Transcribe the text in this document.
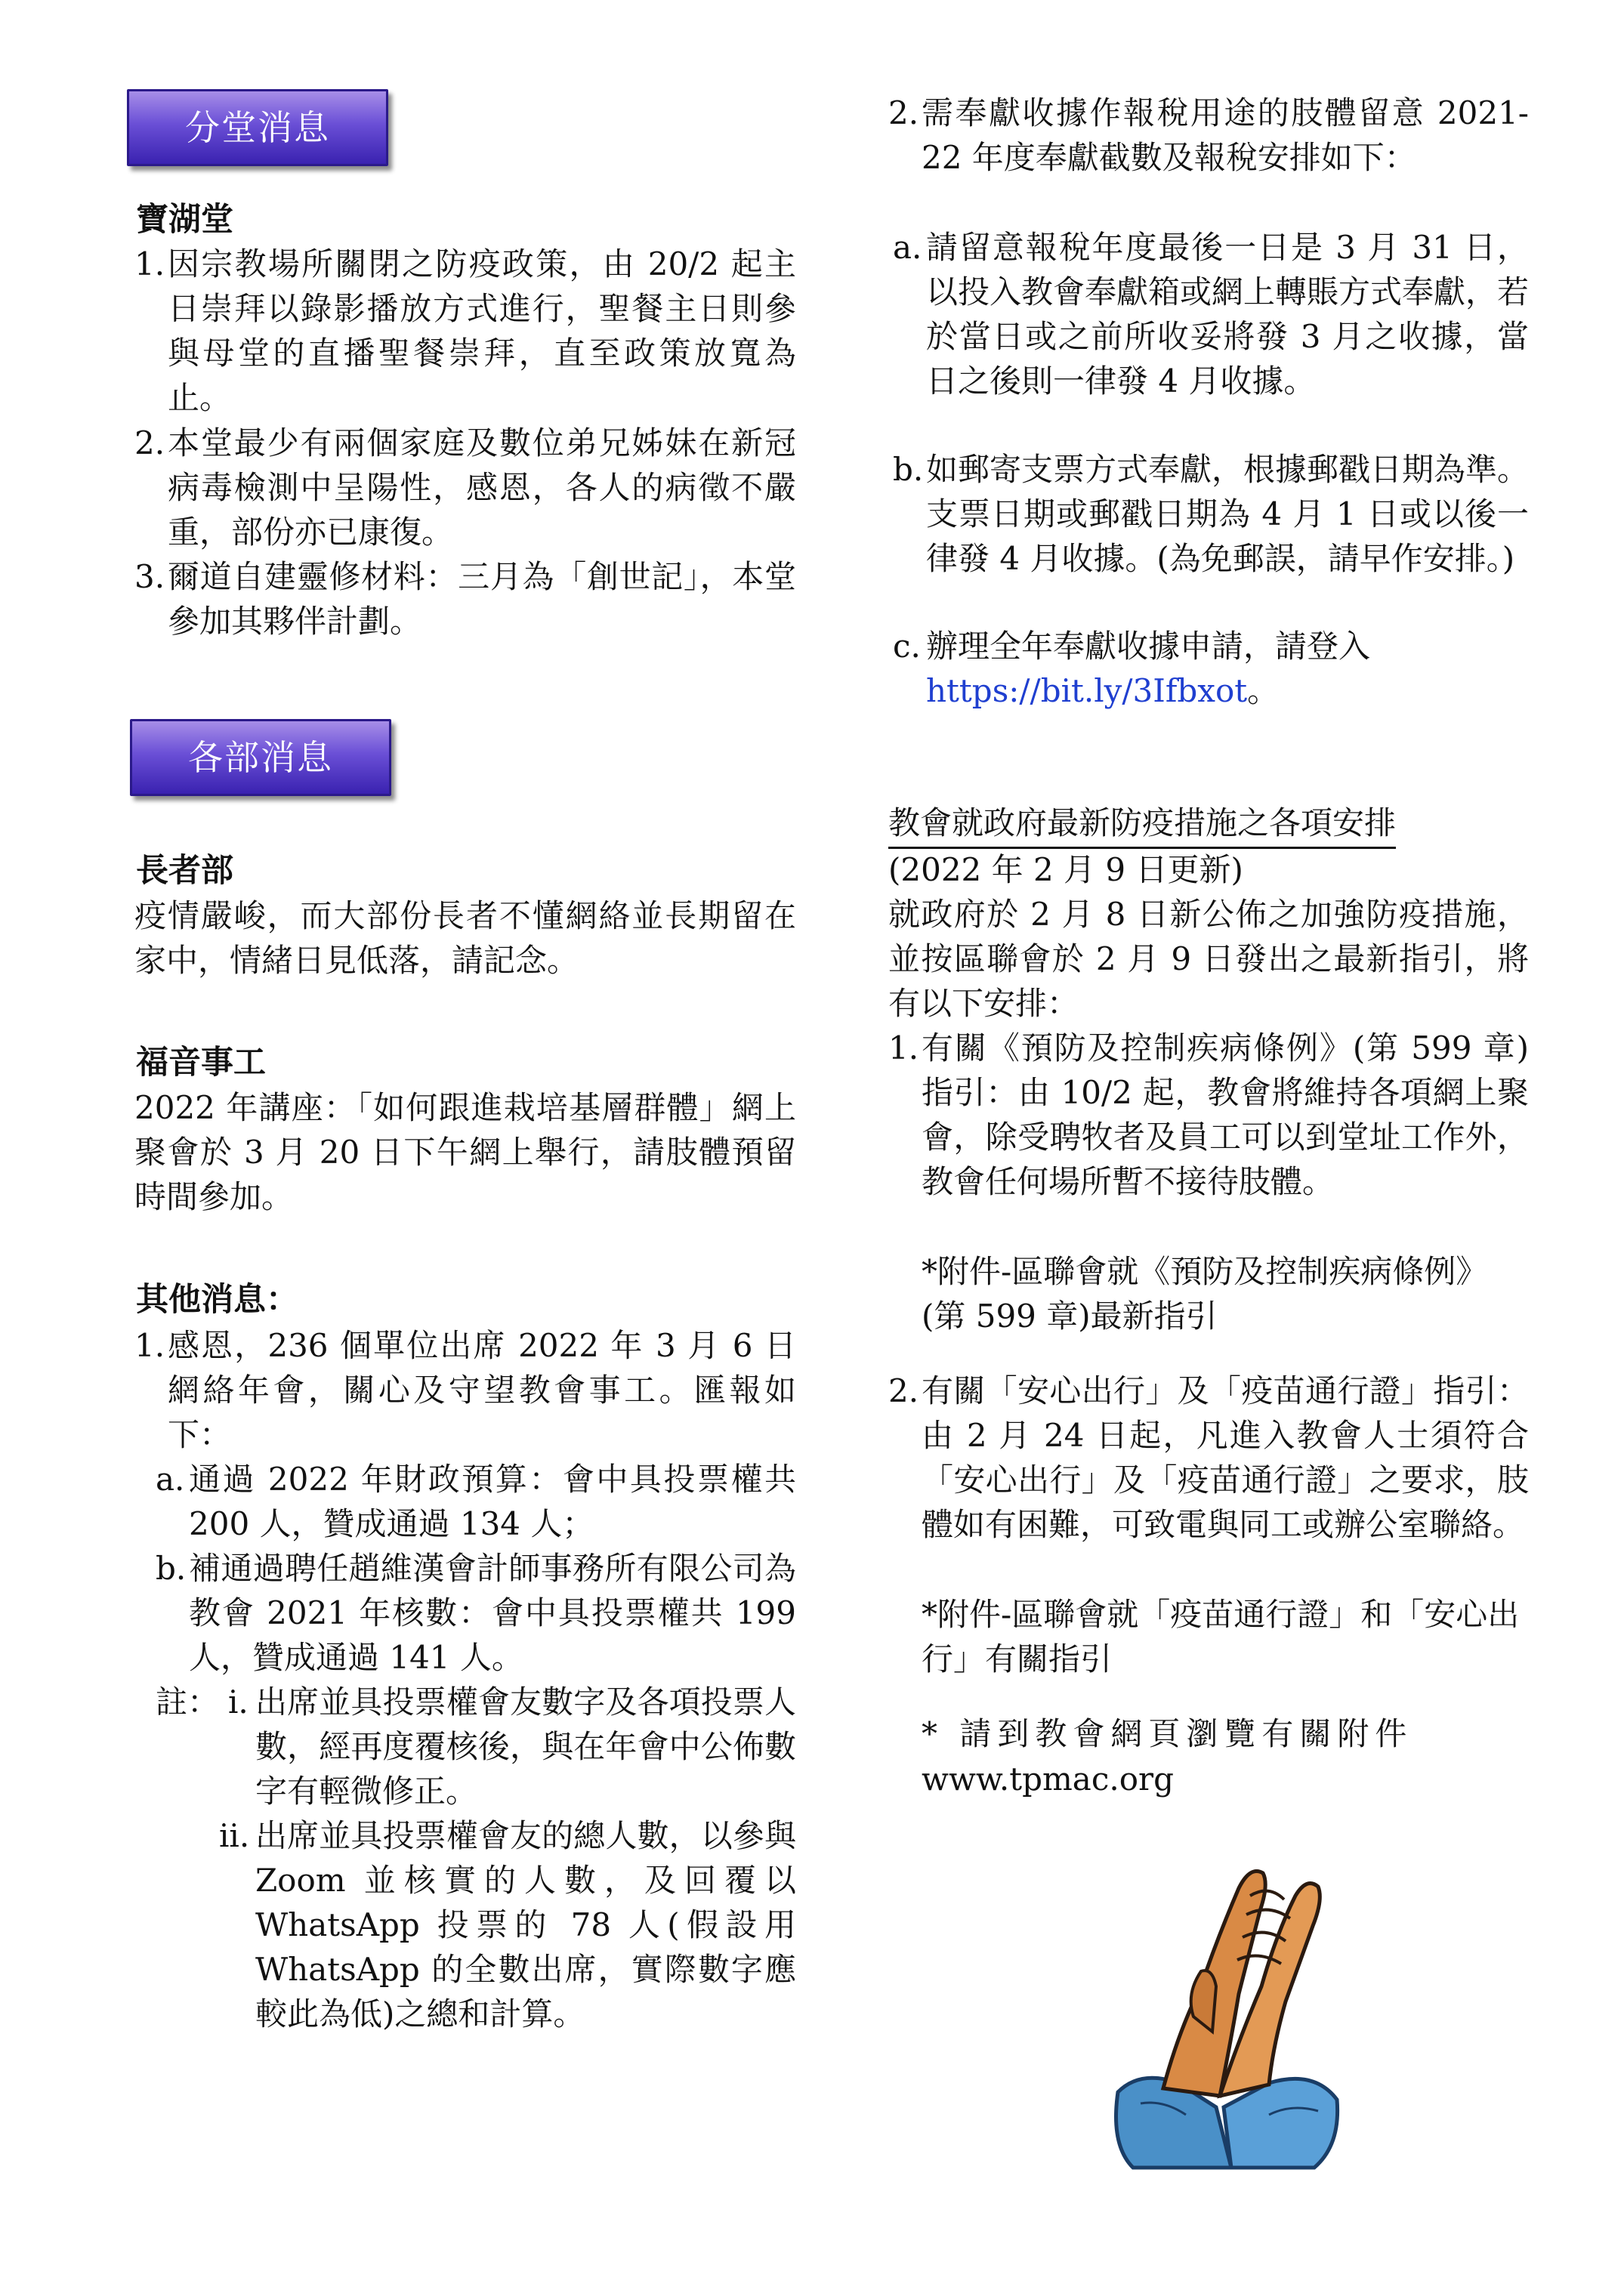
分堂消息
寶湖堂
1. 因宗教場所關閉之防疫政策，由 20/2 起主日崇拜以錄影播放方式進行，聖餐主日則參與母堂的直播聖餐崇拜，直至政策放寬為止。
2. 本堂最少有兩個家庭及數位弟兄姊妹在新冠病毒檢測中呈陽性，感恩，各人的病徵不嚴重，部份亦已康復。
3. 爾道自建靈修材料：三月為「創世記」，本堂參加其夥伴計劃。
各部消息
長者部
疫情嚴峻，而大部份長者不懂網絡並長期留在家中，情緒日見低落，請記念。
福音事工
2022 年講座：「如何跟進栽培基層群體」網上聚會於 3 月 20 日下午網上舉行，請肢體預留時間參加。
其他消息：
1. 感恩，236 個單位出席 2022 年 3 月 6 日網絡年會，關心及守望教會事工。匯報如下：
a. 通過 2022 年財政預算：會中具投票權共 200 人，贊成通過 134 人；
b. 補通過聘任趙維漢會計師事務所有限公司為教會 2021 年核數：會中具投票權共 199 人，贊成通過 141 人。
註： i. 出席並具投票權會友數字及各項投票人數，經再度覆核後，與在年會中公佈數字有輕微修正。
ii. 出席並具投票權會友的總人數，以參與 Zoom 並核實的人數，及回覆以 WhatsApp 投票的 78 人(假設用 WhatsApp 的全數出席，實際數字應較此為低)之總和計算。
2. 需奉獻收據作報稅用途的肢體留意 2021-22 年度奉獻截數及報稅安排如下：
a. 請留意報稅年度最後一日是 3 月 31 日，以投入教會奉獻箱或網上轉賬方式奉獻，若於當日或之前所收妥將發 3 月之收據，當日之後則一律發 4 月收據。
b. 如郵寄支票方式奉獻，根據郵戳日期為準。支票日期或郵戳日期為 4 月 1 日或以後一律發 4 月收據。(為免郵誤，請早作安排。)
c. 辦理全年奉獻收據申請，請登入
https://bit.ly/3Ifbxot。
教會就政府最新防疫措施之各項安排
(2022 年 2 月 9 日更新)
就政府於 2 月 8 日新公佈之加強防疫措施，並按區聯會於 2 月 9 日發出之最新指引，將有以下安排：
1. 有關《預防及控制疾病條例》(第 599 章)指引：由 10/2 起，教會將維持各項網上聚會，除受聘牧者及員工可以到堂址工作外，教會任何場所暫不接待肢體。
*附件-區聯會就《預防及控制疾病條例》(第 599 章)最新指引
2. 有關「安心出行」及「疫苗通行證」指引：由 2 月 24 日起，凡進入教會人士須符合「安心出行」及「疫苗通行證」之要求，肢體如有困難，可致電與同工或辦公室聯絡。
*附件-區聯會就「疫苗通行證」和「安心出行」有關指引
* 請到教會網頁瀏覽有關附件
www.tpmac.org
